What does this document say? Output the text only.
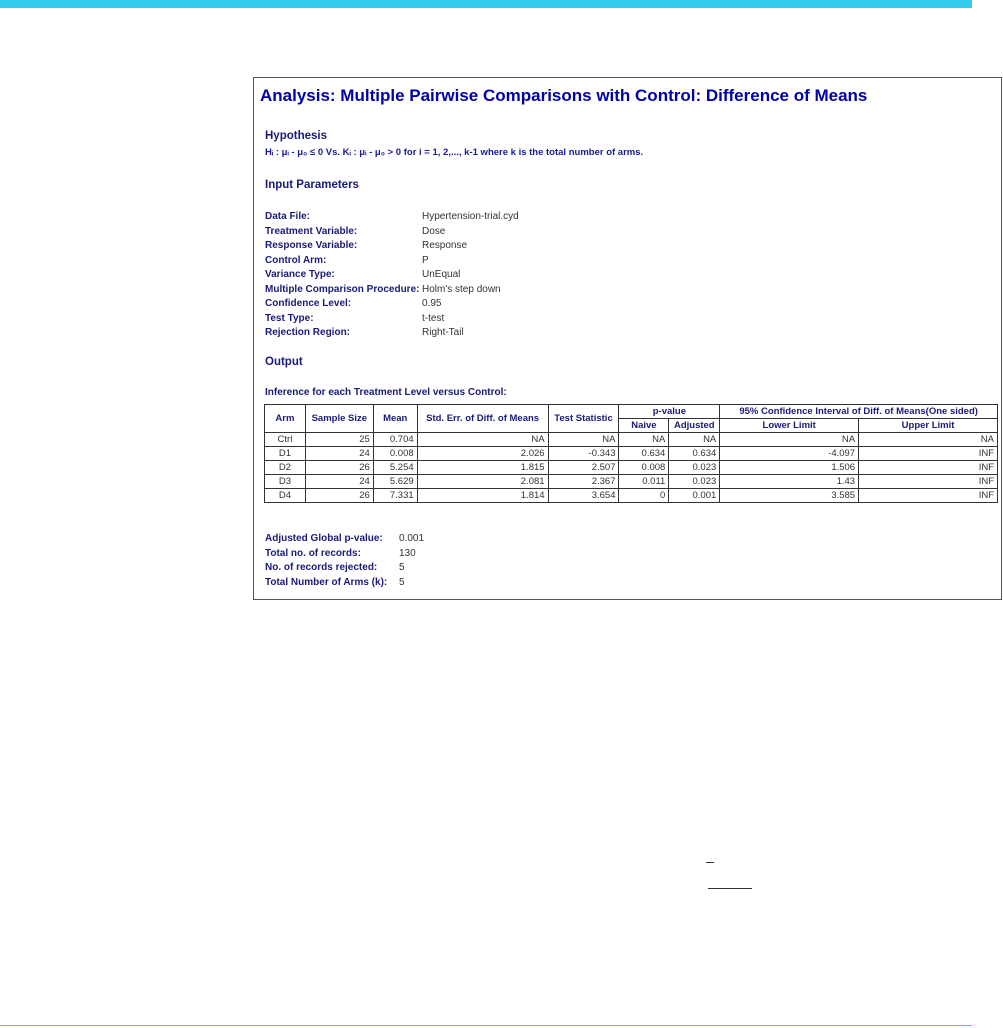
Analysis: Multiple Pairwise Comparisons with Control: Difference of Means
Hypothesis
Hᵢ : μᵢ - μ₀ ≤ 0 Vs. Kᵢ : μᵢ - μ₀ > 0 for i = 1, 2,..., k-1 where k is the total number of arms.
Input Parameters
Data File:	Hypertension-trial.cyd
Treatment Variable:	Dose
Response Variable:	Response
Control Arm:	P
Variance Type:	UnEqual
Multiple Comparison Procedure: Holm's step down
Confidence Level:	0.95
Test Type:	t-test
Rejection Region:	Right-Tail
Output
Inference for each Treatment Level versus Control:
Arm	Sample Size	Mean	Std. Err. of Diff. of Means	Test Statistic	p-value		95% Confidence Interval of Diff. of Means(One sided)	
					Naive	Adjusted	Lower Limit	Upper Limit
Ctrl	25	0.704	NA	NA	NA	NA	NA	NA
D1	24	0.008	2.026	-0.343	0.634	0.634	-4.097	INF
D2	26	5.254	1.815	2.507	0.008	0.023	1.506	INF
D3	24	5.629	2.081	2.367	0.011	0.023	1.43	INF
D4	26	7.331	1.814	3.654	0	0.001	3.585	INF
Adjusted Global p-value:	0.001
Total no. of records:	130
No. of records rejected:	5
Total Number of Arms (k):	5
